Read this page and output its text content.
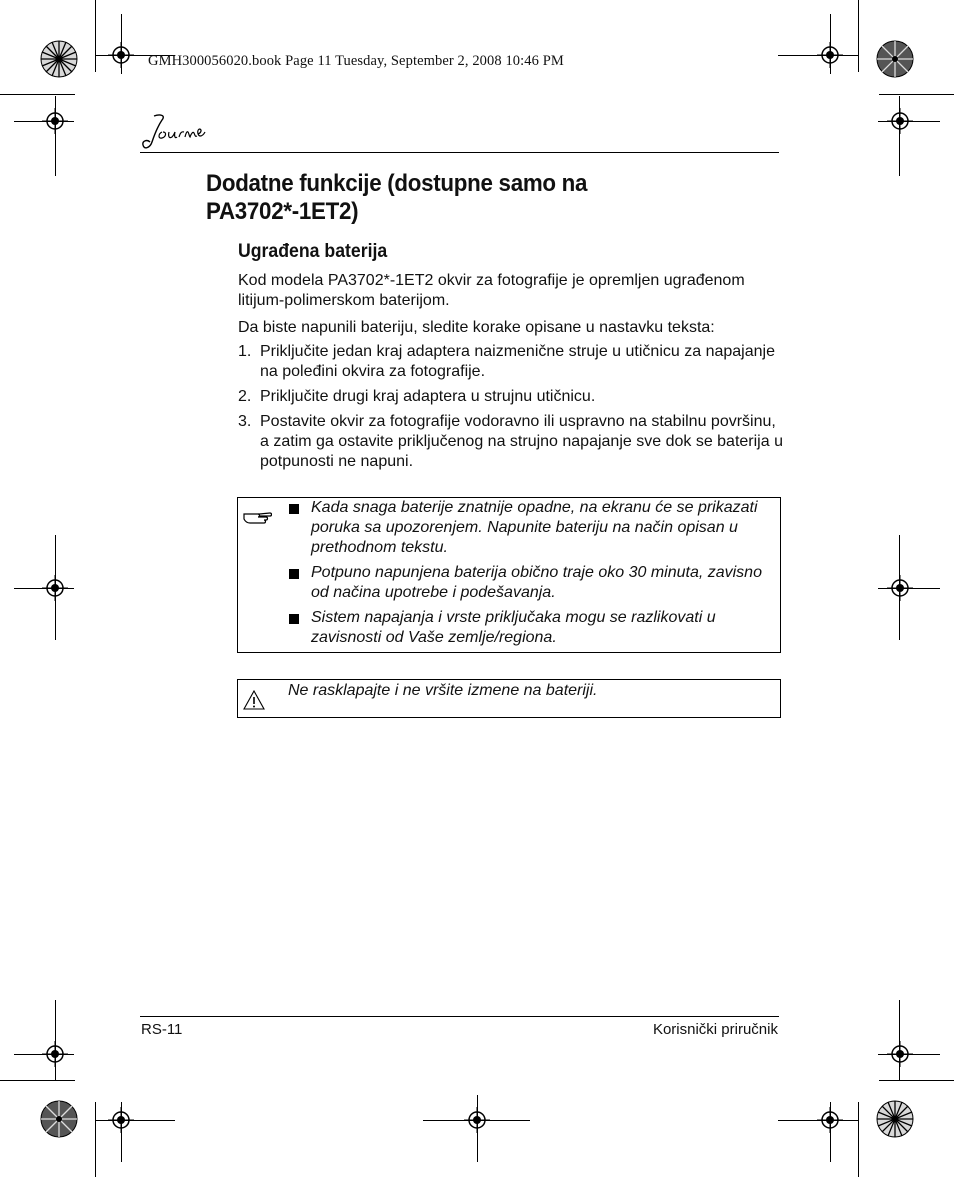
GMH300056020.book Page 11 Tuesday, September 2, 2008 10:46 PM
Dodatne funkcije (dostupne samo na PA3702*-1ET2)
Ugrađena baterija
Kod modela PA3702*-1ET2 okvir za fotografije je opremljen ugrađenom litijum-polimerskom baterijom.
Da biste napunili bateriju, sledite korake opisane u nastavku teksta:
1. Priključite jedan kraj adaptera naizmenične struje u utičnicu za napajanje na poleđini okvira za fotografije.
2. Priključite drugi kraj adaptera u strujnu utičnicu.
3. Postavite okvir za fotografije vodoravno ili uspravno na stabilnu površinu, a zatim ga ostavite priključenog na strujno napajanje sve dok se baterija u potpunosti ne napuni.
Kada snaga baterije znatnije opadne, na ekranu će se prikazati poruka sa upozorenjem. Napunite bateriju na način opisan u prethodnom tekstu.
Potpuno napunjena baterija obično traje oko 30 minuta, zavisno od načina upotrebe i podešavanja.
Sistem napajanja i vrste priključaka mogu se razlikovati u zavisnosti od Vaše zemlje/regiona.
Ne rasklapajte i ne vršite izmene na bateriji.
RS-11	Korisnički priručnik
